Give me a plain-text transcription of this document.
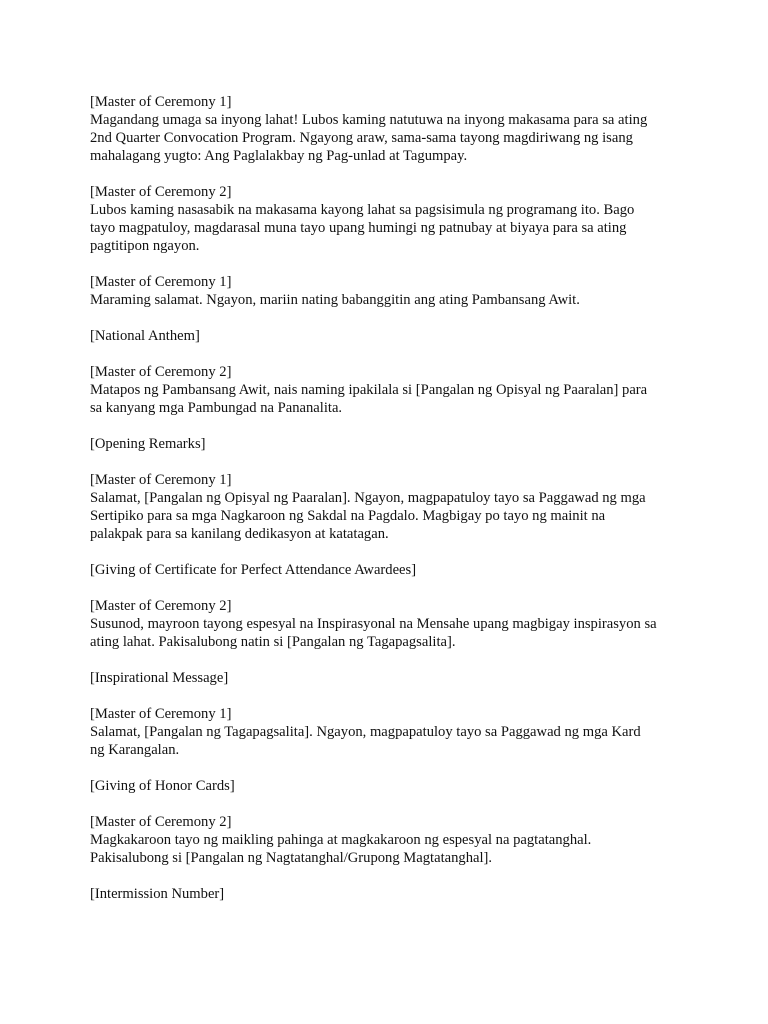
[Master of Ceremony 1]
Magandang umaga sa inyong lahat! Lubos kaming natutuwa na inyong makasama para sa ating
2nd Quarter Convocation Program. Ngayong araw, sama-sama tayong magdiriwang ng isang
mahalagang yugto: Ang Paglalakbay ng Pag-unlad at Tagumpay.
[Master of Ceremony 2]
Lubos kaming nasasabik na makasama kayong lahat sa pagsisimula ng programang ito. Bago
tayo magpatuloy, magdarasal muna tayo upang humingi ng patnubay at biyaya para sa ating
pagtitipon ngayon.
[Master of Ceremony 1]
Maraming salamat. Ngayon, mariin nating babanggitin ang ating Pambansang Awit.
[National Anthem]
[Master of Ceremony 2]
Matapos ng Pambansang Awit, nais naming ipakilala si [Pangalan ng Opisyal ng Paaralan] para
sa kanyang mga Pambungad na Pananalita.
[Opening Remarks]
[Master of Ceremony 1]
Salamat, [Pangalan ng Opisyal ng Paaralan]. Ngayon, magpapatuloy tayo sa Paggawad ng mga
Sertipiko para sa mga Nagkaroon ng Sakdal na Pagdalo. Magbigay po tayo ng mainit na
palakpak para sa kanilang dedikasyon at katatagan.
[Giving of Certificate for Perfect Attendance Awardees]
[Master of Ceremony 2]
Susunod, mayroon tayong espesyal na Inspirasyonal na Mensahe upang magbigay inspirasyon sa
ating lahat. Pakisalubong natin si [Pangalan ng Tagapagsalita].
[Inspirational Message]
[Master of Ceremony 1]
Salamat, [Pangalan ng Tagapagsalita]. Ngayon, magpapatuloy tayo sa Paggawad ng mga Kard
ng Karangalan.
[Giving of Honor Cards]
[Master of Ceremony 2]
Magkakaroon tayo ng maikling pahinga at magkakaroon ng espesyal na pagtatanghal.
Pakisalubong si [Pangalan ng Nagtatanghal/Grupong Magtatanghal].
[Intermission Number]
